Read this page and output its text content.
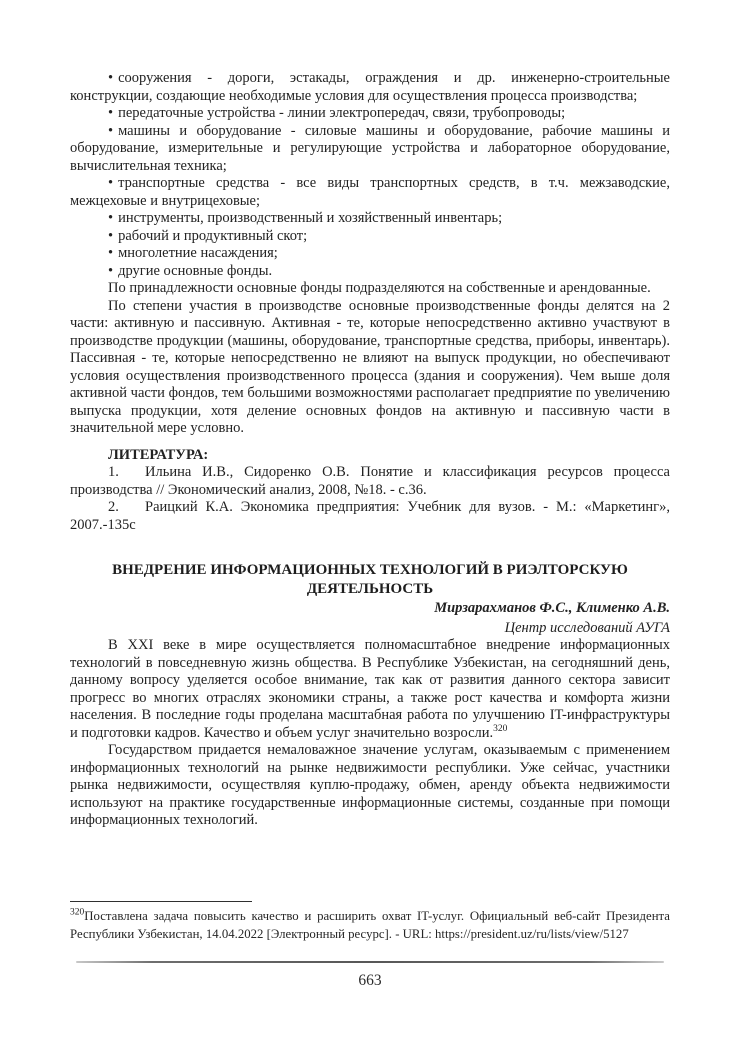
• сооружения - дороги, эстакады, ограждения и др. инженерно-строительные конструкции, создающие необходимые условия для осуществления процесса производства;

• передаточные устройства - линии электропередач, связи, трубопроводы;

• машины и оборудование - силовые машины и оборудование, рабочие машины и оборудование, измерительные и регулирующие устройства и лабораторное оборудование, вычислительная техника;

• транспортные средства - все виды транспортных средств, в т.ч. межзаводские, межцеховые и внутрицеховые;

• инструменты, производственный и хозяйственный инвентарь;

• рабочий и продуктивный скот;

• многолетние насаждения;

• другие основные фонды.

По принадлежности основные фонды подразделяются на собственные и арендованные.

По степени участия в производстве основные производственные фонды делятся на 2 части: активную и пассивную. Активная - те, которые непосредственно активно участвуют в производстве продукции (машины, оборудование, транспортные средства, приборы, инвентарь). Пассивная - те, которые непосредственно не влияют на выпуск продукции, но обеспечивают условия осуществления производственного процесса (здания и сооружения). Чем выше доля активной части фондов, тем большими возможностями располагает предприятие по увеличению выпуска продукции, хотя деление основных фондов на активную и пассивную части в значительной мере условно.

ЛИТЕРАТУРА:

1. Ильина И.В., Сидоренко О.В. Понятие и классификация ресурсов процесса производства // Экономический анализ, 2008, №18. - с.36.

2. Раицкий К.А. Экономика предприятия: Учебник для вузов. - М.: «Маркетинг», 2007.-135с

ВНЕДРЕНИЕ ИНФОРМАЦИОННЫХ ТЕХНОЛОГИЙ В РИЭЛТОРСКУЮ ДЕЯТЕЛЬНОСТЬ

Мирзарахманов Ф.С., Клименко А.В.

Центр исследований АУГА

В XXI веке в мире осуществляется полномасштабное внедрение информационных технологий в повседневную жизнь общества. В Республике Узбекистан, на сегодняшний день, данному вопросу уделяется особое внимание, так как от развития данного сектора зависит прогресс во многих отраслях экономики страны, а также рост качества и комфорта жизни населения. В последние годы проделана масштабная работа по улучшению IT-инфраструктуры и подготовки кадров. Качество и объем услуг значительно возросли.$^{320}$

Государством придается немаловажное значение услугам, оказываемым с применением информационных технологий на рынке недвижимости республики. Уже сейчас, участники рынка недвижимости, осуществляя куплю-продажу, обмен, аренду объекта недвижимости используют на практике государственные информационные системы, созданные при помощи информационных технологий.

$^{320}$Поставлена задача повысить качество и расширить охват IT-услуг. Официальный веб-сайт Президента Республики Узбекистан, 14.04.2022 [Электронный ресурс]. - URL: https://president.uz/ru/lists/view/5127

663
